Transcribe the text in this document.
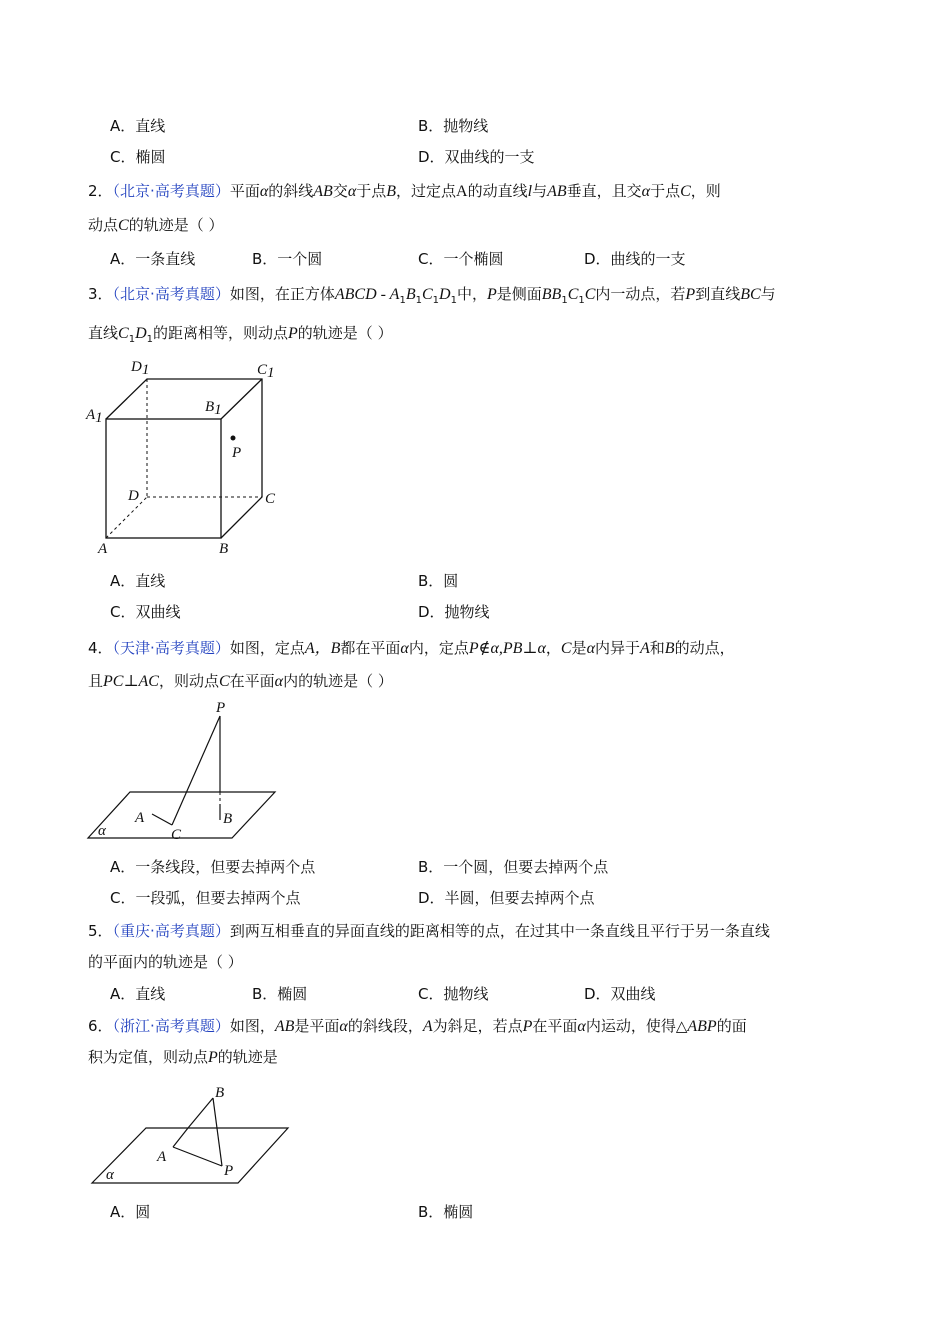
A．直线	B．抛物线
C．椭圆	D．双曲线的一支
2．（北京·高考真题）平面α的斜线AB交α于点B，过定点A的动直线l与AB垂直，且交α于点C，则
动点C的轨迹是（ ）
A．一条直线	B．一个圆	C．一个椭圆	D．曲线的一支
3．（北京·高考真题）如图，在正方体ABCD - $A_1B_1C_1D_1$中，P是侧面$BB_1C_1C$内一动点，若P到直线BC与
直线$C_1D_1$的距离相等，则动点P的轨迹是（ ）
D1	C1
A1
B1
P
D	C
A	B
A．直线	B．圆
C．双曲线	D．抛物线
4．（天津·高考真题）如图，定点A，B都在平面α内，定点P∉α,PB⊥α，C是α内异于A和B的动点，
且PC⊥AC，则动点C在平面α内的轨迹是（ ）
P
A	B
C
α
A．一条线段，但要去掉两个点	B．一个圆，但要去掉两个点
C．一段弧，但要去掉两个点	D．半圆，但要去掉两个点
5．（重庆·高考真题）到两互相垂直的异面直线的距离相等的点，在过其中一条直线且平行于另一条直线
的平面内的轨迹是（ ）
A．直线	B．椭圆	C．抛物线	D．双曲线
6．（浙江·高考真题）如图，AB是平面α的斜线段，A为斜足，若点P在平面α内运动，使得△ABP的面
积为定值，则动点P的轨迹是
B
A
P
α
A．圆	B．椭圆
